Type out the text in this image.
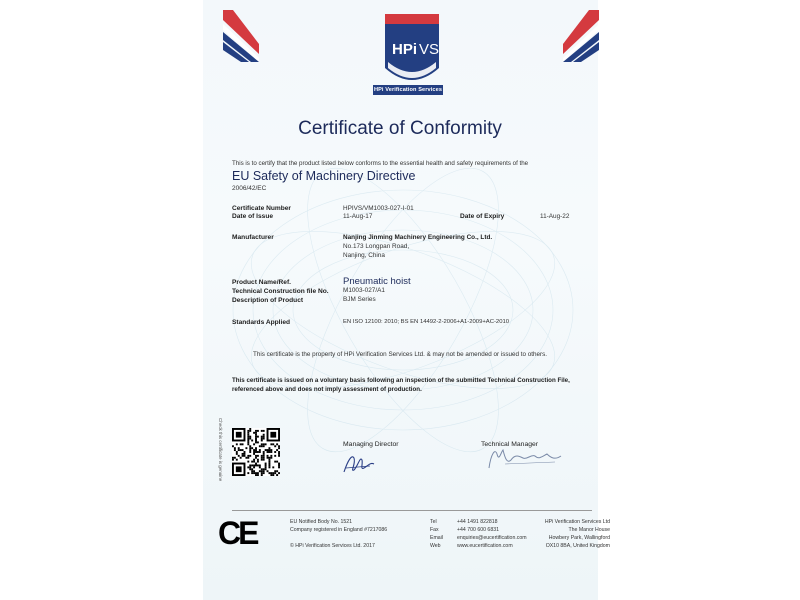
HPi VS
HPi Verification Services
Certificate of Conformity
This is to certify that the product listed below conforms to the essential health and safety requirements of the
EU Safety of Machinery Directive
2006/42/EC
Certificate Number	HPIVS/VM1003-027-I-01
Date of Issue	11-Aug-17	Date of Expiry	11-Aug-22
Manufacturer	Nanjing Jinming Machinery Engineering Co., Ltd.
No.173 Longpan Road,
Nanjing, China
Product Name/Ref.	Pneumatic hoist
Technical Construction file No. M1003-027/A1
Description of Product	BJM Series
Standards Applied	EN ISO 12100: 2010; BS EN 14492-2-2006+A1-2009+AC-2010
This certificate is the property of HPi Verification Services Ltd. & may not be amended or issued to others.
This certificate is issued on a voluntary basis following an inspection of the submitted Technical Construction File, referenced above and does not imply assessment of production.
Check this certificate is genuine	Managing Director	Technical Manager
CE	EU Notified Body No. 1521
Company registered in England #7217086
© HPi Verification Services Ltd. 2017
Tel	+44 1491 822818
Fax	+44 700 600 6831
Email	enquiries@eucertification.com
Web	www.eucertification.com
HPi Verification Services Ltd
The Manor House
Howbery Park, Wallingford
OX10 8BA, United Kingdom
